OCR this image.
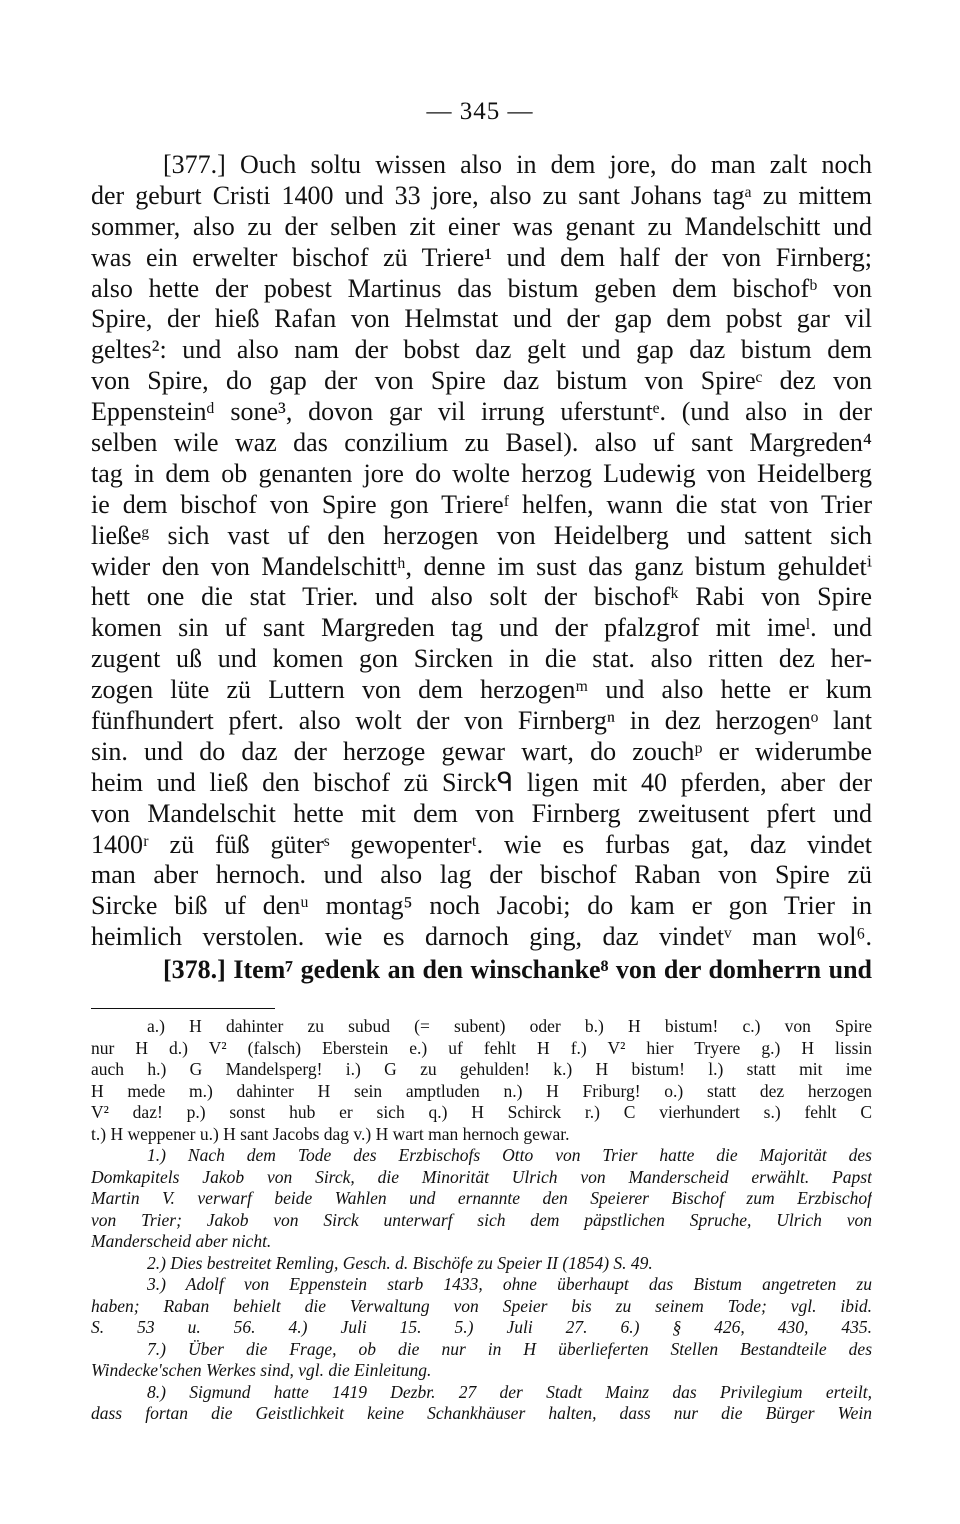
— 345 —
[377.] Ouch soltu wissen also in dem jore, do man zalt noch
der geburt Cristi 1400 und 33 jore, also zu sant Johans tagᵃ zu mittem
sommer, also zu der selben zit einer was genant zu Mandelschitt und
was ein erwelter bischof zü Triere¹ und dem half der von Firnberg;
also hette der pobest Martinus das bistum geben dem bischofᵇ von
Spire, der hieß Rafan von Helmstat und der gap dem pobst gar vil
geltes²: und also nam der bobst daz gelt und gap daz bistum dem
von Spire, do gap der von Spire daz bistum von Spireᶜ dez von
Eppensteinᵈ sone³, dovon gar vil irrung uferstuntᵉ. (und also in der
selben wile waz das conzilium zu Basel). also uf sant Margreden⁴
tag in dem ob genanten jore do wolte herzog Ludewig von Heidelberg
ie dem bischof von Spire gon Triereᶠ helfen, wann die stat von Trier
ließeᵍ sich vast uf den herzogen von Heidelberg und sattent sich
wider den von Mandelschittʰ, denne im sust das ganz bistum gehuldetⁱ
hett one die stat Trier. und also solt der bischofᵏ Rabi von Spire
komen sin uf sant Margreden tag und der pfalzgrof mit imeˡ. und
zugent uß und komen gon Sircken in die stat. also ritten dez her-
zogen lüte zü Luttern von dem herzogenᵐ und also hette er kum
fünfhundert pfert. also wolt der von Firnbergⁿ in dez herzogenᵒ lant
sin. und do daz der herzoge gewar wart, do zouchᵖ er widerumbe
heim und ließ den bischof zü Sirckᑫ ligen mit 40 pferden, aber der
von Mandelschit hette mit dem von Firnberg zweitusent pfert und
1400ʳ zü füß güterˢ gewopenterᵗ. wie es furbas gat, daz vindet
man aber hernoch. und also lag der bischof Raban von Spire zü
Sircke biß uf denᵘ montag⁵ noch Jacobi; do kam er gon Trier in
heimlich verstolen. wie es darnoch ging, daz vindetᵛ man wol⁶.
[378.] Item⁷ gedenk an den winschanke⁸ von der domherrn und
a.) H dahinter zu subud (= subent) oder b.) H bistum! c.) von Spire
nur H d.) V² (falsch) Eberstein e.) uf fehlt H f.) V² hier Tryere g.) H lissin
auch h.) G Mandelsperg! i.) G zu gehulden! k.) H bistum! l.) statt mit ime
H mede m.) dahinter H sein amptluden n.) H Friburg! o.) statt dez herzogen
V² daz! p.) sonst hub er sich q.) H Schirck r.) C vierhundert s.) fehlt C
t.) H weppener u.) H sant Jacobs dag v.) H wart man hernoch gewar.
1.) Nach dem Tode des Erzbischofs Otto von Trier hatte die Majorität des
Domkapitels Jakob von Sirck, die Minorität Ulrich von Manderscheid erwählt. Papst
Martin V. verwarf beide Wahlen und ernannte den Speierer Bischof zum Erzbischof
von Trier; Jakob von Sirck unterwarf sich dem päpstlichen Spruche, Ulrich von
Manderscheid aber nicht.
2.) Dies bestreitet Remling, Gesch. d. Bischöfe zu Speier II (1854) S. 49.
3.) Adolf von Eppenstein starb 1433, ohne überhaupt das Bistum angetreten zu
haben; Raban behielt die Verwaltung von Speier bis zu seinem Tode; vgl. ibid.
S. 53 u. 56. 4.) Juli 15. 5.) Juli 27. 6.) § 426, 430, 435.
7.) Über die Frage, ob die nur in H überlieferten Stellen Bestandteile des
Windecke'schen Werkes sind, vgl. die Einleitung.
8.) Sigmund hatte 1419 Dezbr. 27 der Stadt Mainz das Privilegium erteilt,
dass fortan die Geistlichkeit keine Schankhäuser halten, dass nur die Bürger Wein
